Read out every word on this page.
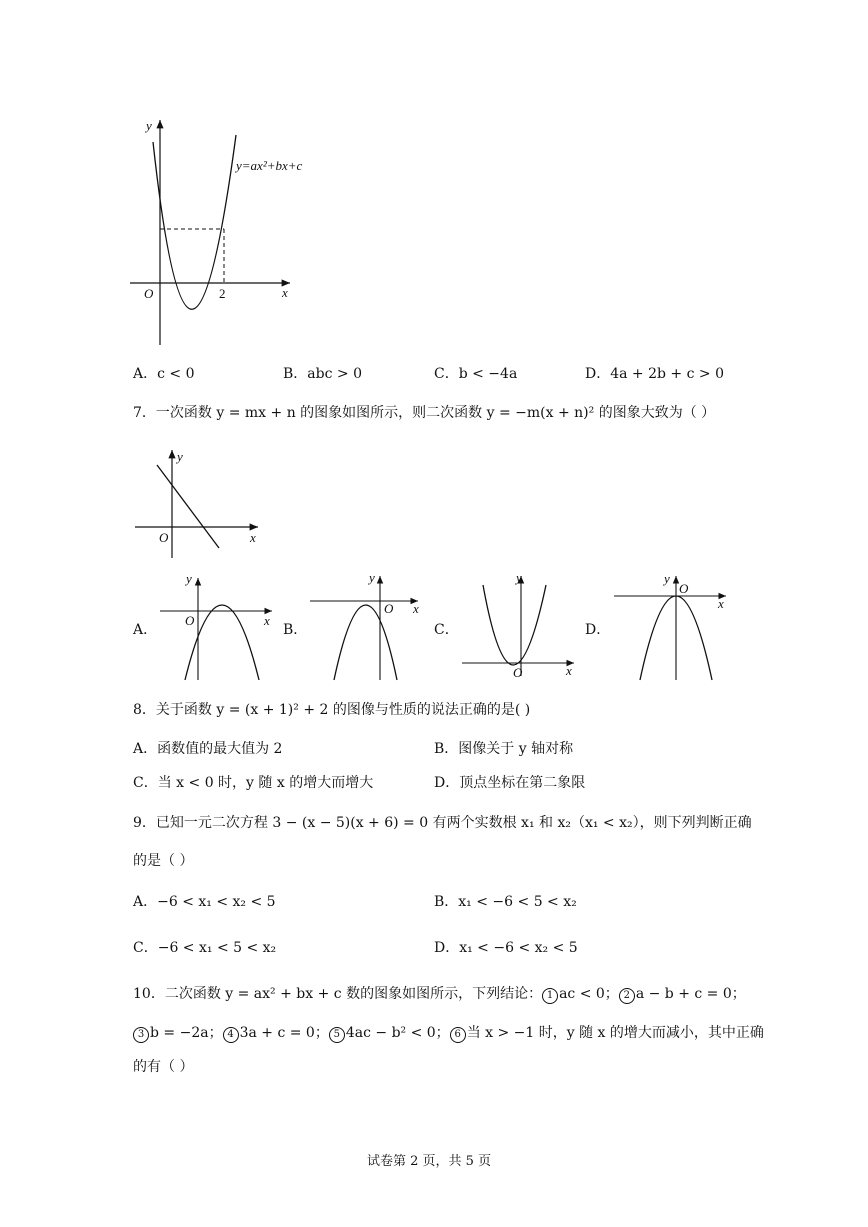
y
x
O	2
y=ax²+bx+c
A．c < 0	B．abc > 0	C．b < −4a	D．4a + 2b + c > 0
7．一次函数 y = mx + n 的图象如图所示，则二次函数 y = −m(x + n)² 的图象大致为（ ）
y
x
O
A．	B．	C．	D．
y
x
O
y
x
O
y
x
O
y
x
O
8．关于函数 y = (x + 1)² + 2 的图像与性质的说法正确的是( )
A．函数值的最大值为 2	B．图像关于 y 轴对称
C．当 x < 0 时，y 随 x 的增大而增大	D．顶点坐标在第二象限
9．已知一元二次方程 3 − (x − 5)(x + 6) = 0 有两个实数根 x₁ 和 x₂（x₁ < x₂），则下列判断正确
的是（ ）
A．−6 < x₁ < x₂ < 5	B．x₁ < −6 < 5 < x₂
C．−6 < x₁ < 5 < x₂	D．x₁ < −6 < x₂ < 5
10．二次函数 y = ax² + bx + c 数的图象如图所示，下列结论： 1 ac < 0； 2 a − b + c = 0；
3 b = −2a； 4 3a + c = 0； 5 4ac − b² < 0； 6 当 x > −1 时，y 随 x 的增大而减小，其中正确
的有（ ）
试卷第 2 页，共 5 页
